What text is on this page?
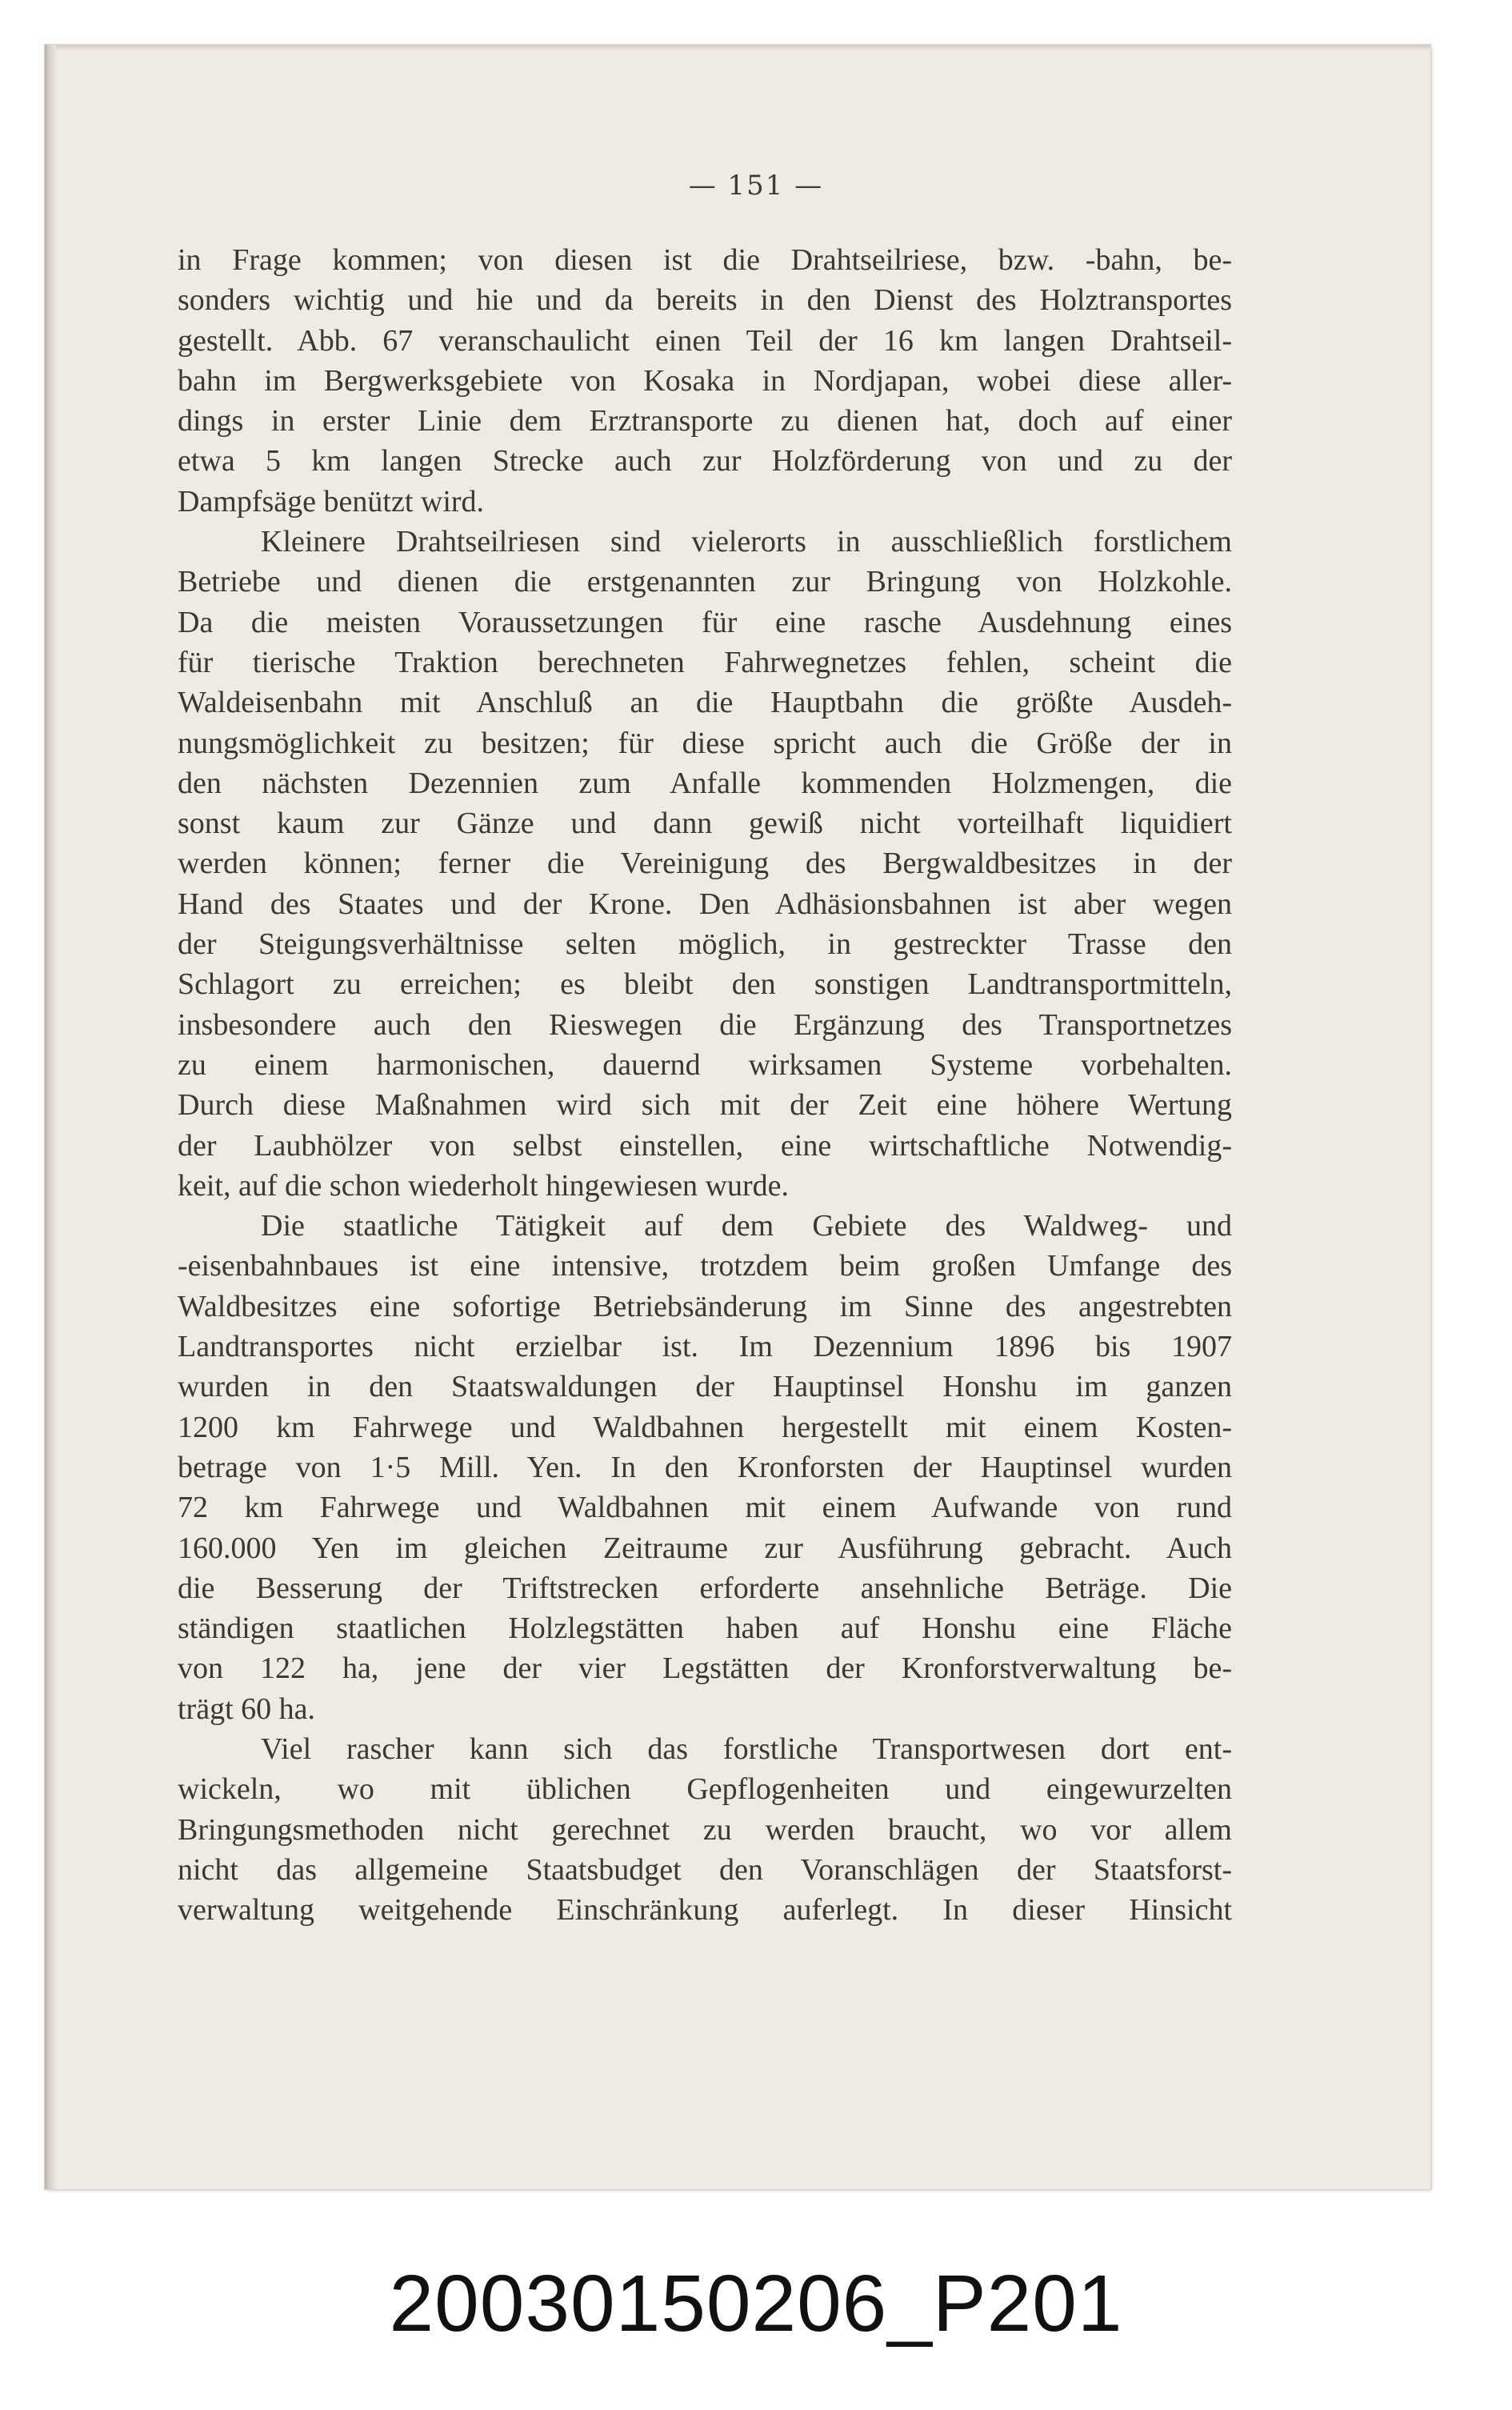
— 151 —
in Frage kommen; von diesen ist die Drahtseilriese, bzw. -bahn, be-
sonders wichtig und hie und da bereits in den Dienst des Holztransportes
gestellt. Abb. 67 veranschaulicht einen Teil der 16 km langen Drahtseil-
bahn im Bergwerksgebiete von Kosaka in Nordjapan, wobei diese aller-
dings in erster Linie dem Erztransporte zu dienen hat, doch auf einer
etwa 5 km langen Strecke auch zur Holzförderung von und zu der
Dampfsäge benützt wird.
Kleinere Drahtseilriesen sind vielerorts in ausschließlich forstlichem
Betriebe und dienen die erstgenannten zur Bringung von Holzkohle.
Da die meisten Voraussetzungen für eine rasche Ausdehnung eines
für tierische Traktion berechneten Fahrwegnetzes fehlen, scheint die
Waldeisenbahn mit Anschluß an die Hauptbahn die größte Ausdeh-
nungsmöglichkeit zu besitzen; für diese spricht auch die Größe der in
den nächsten Dezennien zum Anfalle kommenden Holzmengen, die
sonst kaum zur Gänze und dann gewiß nicht vorteilhaft liquidiert
werden können; ferner die Vereinigung des Bergwaldbesitzes in der
Hand des Staates und der Krone. Den Adhäsionsbahnen ist aber wegen
der Steigungsverhältnisse selten möglich, in gestreckter Trasse den
Schlagort zu erreichen; es bleibt den sonstigen Landtransportmitteln,
insbesondere auch den Rieswegen die Ergänzung des Transportnetzes
zu einem harmonischen, dauernd wirksamen Systeme vorbehalten.
Durch diese Maßnahmen wird sich mit der Zeit eine höhere Wertung
der Laubhölzer von selbst einstellen, eine wirtschaftliche Notwendig-
keit, auf die schon wiederholt hingewiesen wurde.
Die staatliche Tätigkeit auf dem Gebiete des Waldweg- und
-eisenbahnbaues ist eine intensive, trotzdem beim großen Umfange des
Waldbesitzes eine sofortige Betriebsänderung im Sinne des angestrebten
Landtransportes nicht erzielbar ist. Im Dezennium 1896 bis 1907
wurden in den Staatswaldungen der Hauptinsel Honshu im ganzen
1200 km Fahrwege und Waldbahnen hergestellt mit einem Kosten-
betrage von 1·5 Mill. Yen. In den Kronforsten der Hauptinsel wurden
72 km Fahrwege und Waldbahnen mit einem Aufwande von rund
160.000 Yen im gleichen Zeitraume zur Ausführung gebracht. Auch
die Besserung der Triftstrecken erforderte ansehnliche Beträge. Die
ständigen staatlichen Holzlegstätten haben auf Honshu eine Fläche
von 122 ha, jene der vier Legstätten der Kronforstverwaltung be-
trägt 60 ha.
Viel rascher kann sich das forstliche Transportwesen dort ent-
wickeln, wo mit üblichen Gepflogenheiten und eingewurzelten
Bringungsmethoden nicht gerechnet zu werden braucht, wo vor allem
nicht das allgemeine Staatsbudget den Voranschlägen der Staatsforst-
verwaltung weitgehende Einschränkung auferlegt. In dieser Hinsicht
20030150206_P201
